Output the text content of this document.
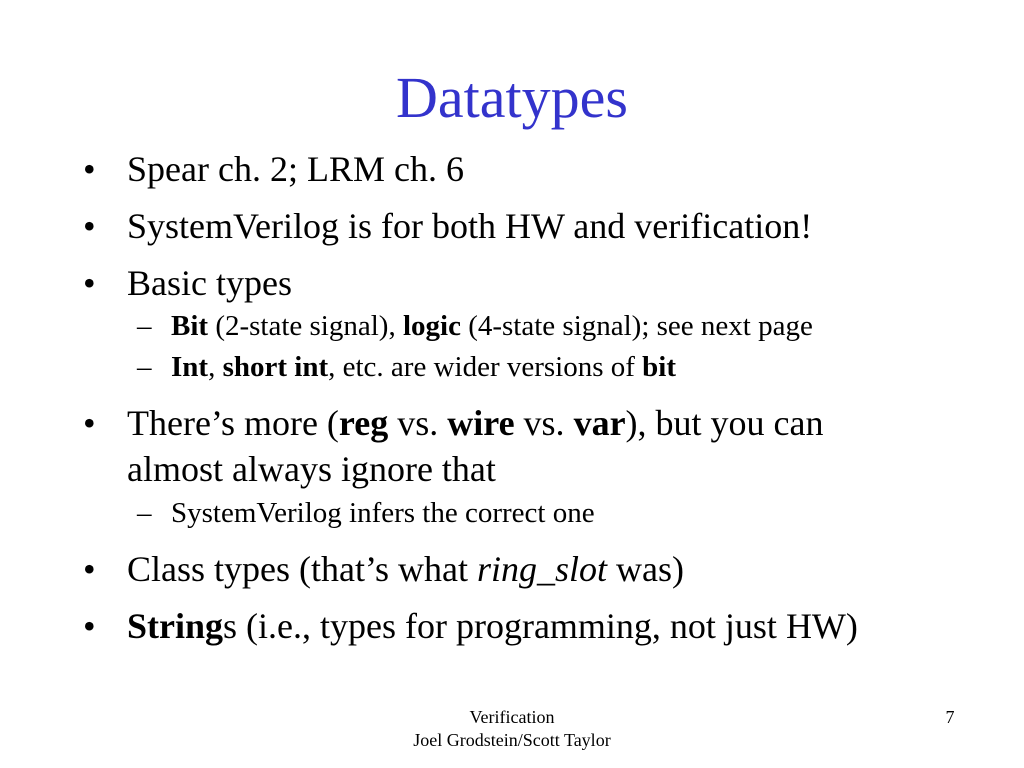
Datatypes
• Spear ch. 2; LRM ch. 6
• SystemVerilog is for both HW and verification!
• Basic types
– Bit (2-state signal), logic (4-state signal); see next page
– Int, short int, etc. are wider versions of bit
• There’s more (reg vs. wire vs. var), but you can
almost always ignore that
– SystemVerilog infers the correct one
• Class types (that’s what ring_slot was)
• Strings (i.e., types for programming, not just HW)
Verification
Joel Grodstein/Scott Taylor
7
